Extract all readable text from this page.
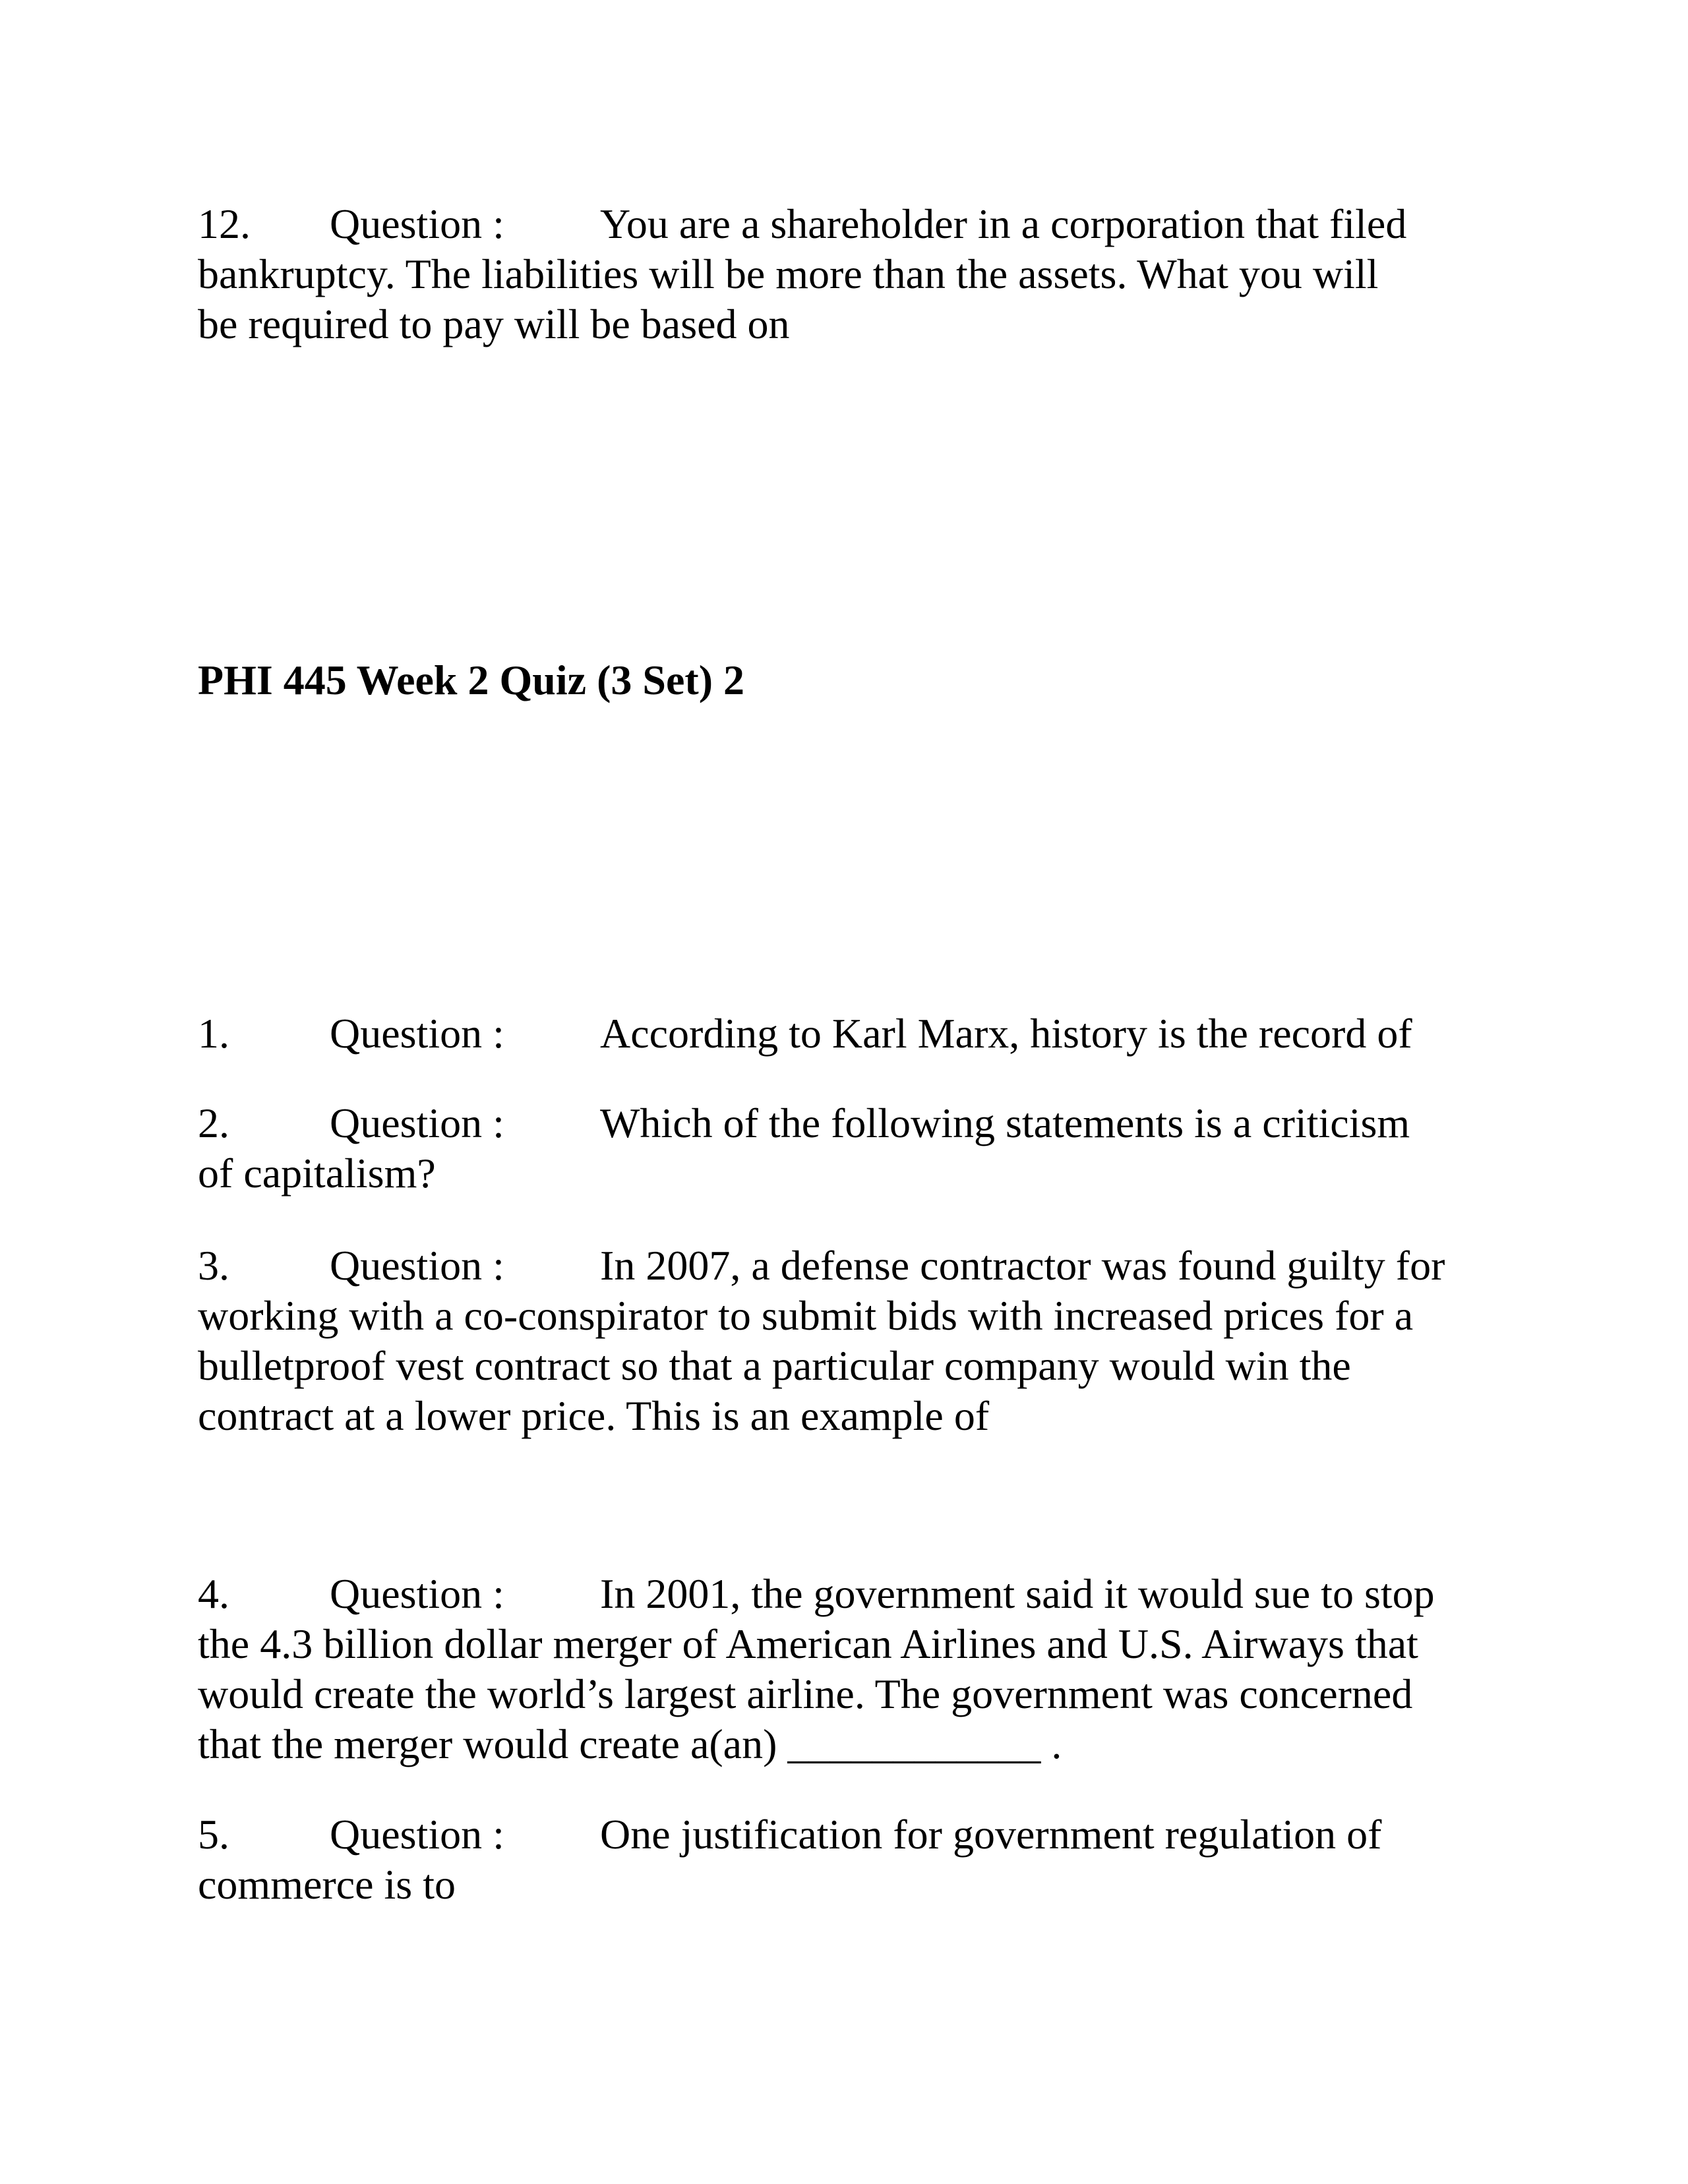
12. Question : You are a shareholder in a corporation that filed

bankruptcy. The liabilities will be more than the assets. What you will

be required to pay will be based on

PHI 445 Week 2 Quiz (3 Set) 2

1. Question : According to Karl Marx, history is the record of

2. Question : Which of the following statements is a criticism

of capitalism?

3. Question : In 2007, a defense contractor was found guilty for

working with a co-conspirator to submit bids with increased prices for a

bulletproof vest contract so that a particular company would win the

contract at a lower price. This is an example of

4. Question : In 2001, the government said it would sue to stop

the 4.3 billion dollar merger of American Airlines and U.S. Airways that

would create the world’s largest airline. The government was concerned

that the merger would create a(an) ____________ .

5. Question : One justification for government regulation of

commerce is to
